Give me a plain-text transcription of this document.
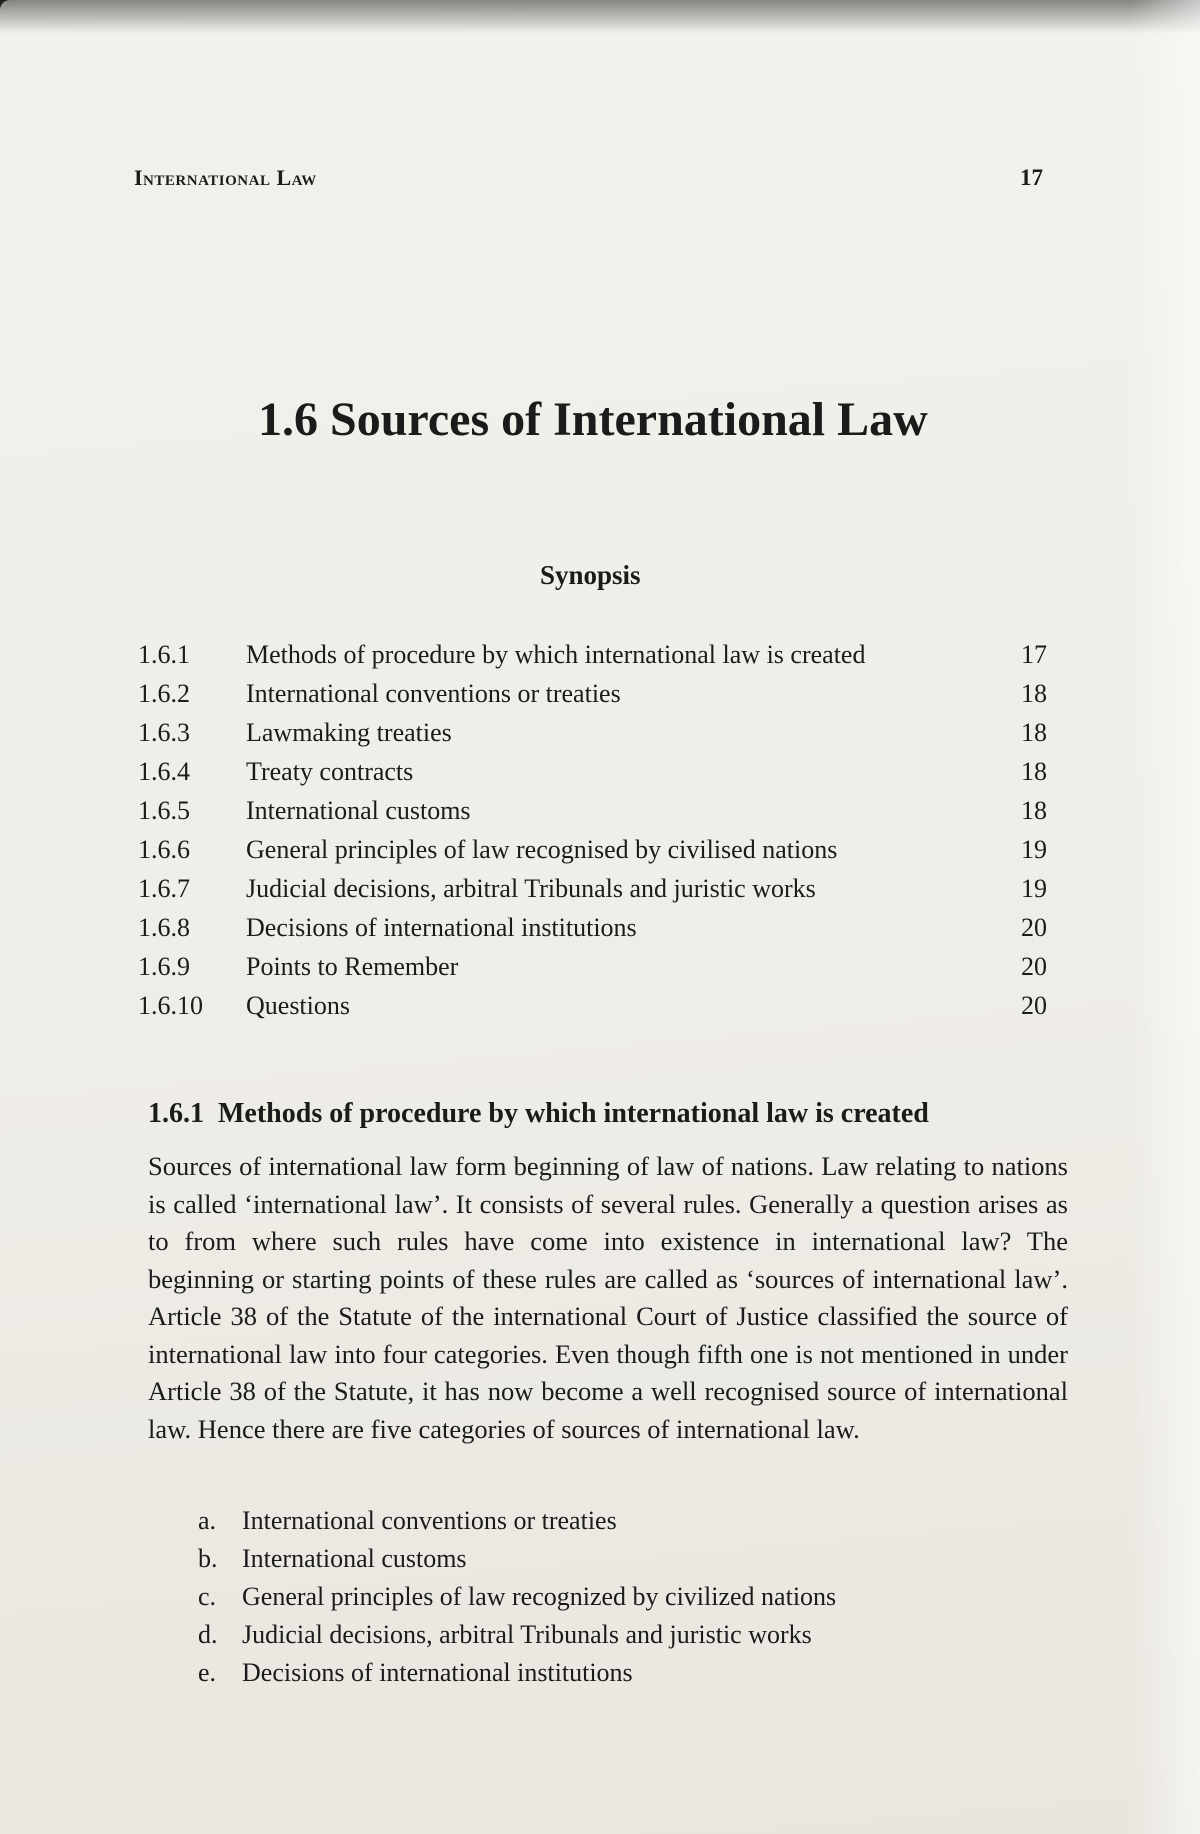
International Law	17
1.6 Sources of International Law
Synopsis
1.6.1 Methods of procedure by which international law is created	17
1.6.2 International conventions or treaties	18
1.6.3 Lawmaking treaties	18
1.6.4 Treaty contracts	18
1.6.5 International customs	18
1.6.6 General principles of law recognised by civilised nations	19
1.6.7 Judicial decisions, arbitral Tribunals and juristic works	19
1.6.8 Decisions of international institutions	20
1.6.9 Points to Remember	20
1.6.10 Questions	20
1.6.1 Methods of procedure by which international law is created
Sources of international law form beginning of law of nations. Law relating to nations is called ‘international law’. It consists of several rules. Generally a question arises as to from where such rules have come into existence in international law? The beginning or starting points of these rules are called as ‘sources of international law’. Article 38 of the Statute of the international Court of Justice classified the source of international law into four categories. Even though fifth one is not mentioned in under Article 38 of the Statute, it has now become a well recognised source of international law. Hence there are five categories of sources of international law.
a. International conventions or treaties
b. International customs
c. General principles of law recognized by civilized nations
d. Judicial decisions, arbitral Tribunals and juristic works
e. Decisions of international institutions
